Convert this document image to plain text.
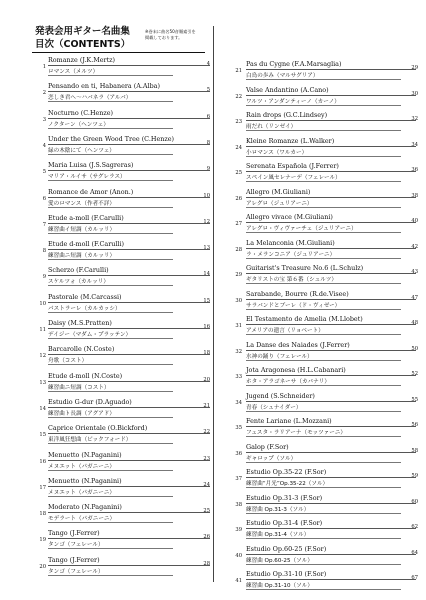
発表会用ギター名曲集
目次（CONTENTS）
※巻末に曲名50音順索引を
掲載しております。
1
Romanze (J.K.Mertz)
ロマンス（メルツ）
4
2
Pensando en ti, Habanera (A.Alba)
恋しき君へ～ハバネラ（アルバ）
5
3
Nocturno (C.Henze)
ノクターン（ヘンツェ）
6
4
Under the Green Wood Tree (C.Henze)
緑の木陰にて（ヘンツェ）
8
5
Maria Luisa (J.S.Sagreras)
マリア・ルイサ（サグレラス）
9
6
Romance de Amor (Anon.)
愛のロマンス（作者不詳）
10
7
Etude a-moll (F.Carulli)
練習曲イ短調（カルッリ）
12
8
Etude d-moll (F.Carulli)
練習曲ニ短調（カルッリ）
13
9
Scherzo (F.Carulli)
スケルツォ（カルッリ）
14
10
Pastorale (M.Carcassi)
パストラーレ（カルカッシ）
15
11
Daisy (M.S.Pratten)
デイジー（マダム・プラッテン）
16
12
Barcarolle (N.Coste)
舟歌（コスト）
18
13
Etude d-moll (N.Coste)
練習曲ニ短調（コスト）
20
14
Estudio G-dur (D.Aguado)
練習曲ト長調（アグアド）
21
15
Caprice Orientale (O.Bickford)
東洋風狂想曲（ビックフォード）
22
16
Menuetto (N.Paganini)
メヌエット（パガニーニ）
23
17
Menuetto (N.Paganini)
メヌエット（パガニーニ）
24
18
Moderato (N.Paganini)
モデラート（パガニーニ）
25
19
Tango (J.Ferrer)
タンゴ（フェレール）
26
20
Tango (J.Ferrer)
タンゴ（フェレール）
28
21
Pas du Cygne (F.A.Marsaglia)
白鳥の歩み（マルサグリア）
29
22
Valse Andantino (A.Cano)
ワルツ・アンダンティーノ（カーノ）
30
23
Rain drops (G.C.Lindsey)
雨だれ（リンゼイ）
32
24
Kleine Romanze (L.Walker)
小ロマンス（ワルカー）
34
25
Serenata Española (J.Ferrer)
スペイン風セレナーデ（フェレール）
36
26
Allegro (M.Giuliani)
アレグロ（ジュリアーニ）
38
27
Allegro vivace (M.Giuliani)
アレグロ・ヴィヴァーチェ（ジュリアーニ）
40
28
La Melanconia (M.Giuliani)
ラ・メランコニア（ジュリアーニ）
42
29
Guitarist's Treasure No.6 (L.Schulz)
ギタリストの宝 第６番（シュルツ）
43
30
Sarabande, Bourre (R.de.Visee)
サラバンドとブーレ（ド・ヴィゼー）
47
31
El Testamento de Amelia (M.Llobet)
アメリアの遺言（リョベート）
48
32
La Danse des Naiades (J.Ferrer)
水神の踊り（フェレール）
50
33
Jota Aragonesa (H.L.Cabanari)
ホタ・アラゴネーサ（カバナリ）
52
34
Jugend (S.Schneider)
青春（シュナイダー）
55
35
Fente Lariane (L.Mozzani)
フェスタ・ラリアーナ（モッツァーニ）
56
36
Galop (F.Sor)
ギャロップ（ソル）
58
37
Estudio Op.35-22 (F.Sor)
練習曲“月光”Op.35-22（ソル）
59
38
Estudio Op.31-3 (F.Sor)
練習曲 Op.31-3（ソル）
60
39
Estudio Op.31-4 (F.Sor)
練習曲 Op.31-4（ソル）
62
40
Estudio Op.60-25 (F.Sor)
練習曲 Op.60-25（ソル）
64
41
Estudio Op.31-10 (F.Sor)
練習曲 Op.31-10（ソル）
67
